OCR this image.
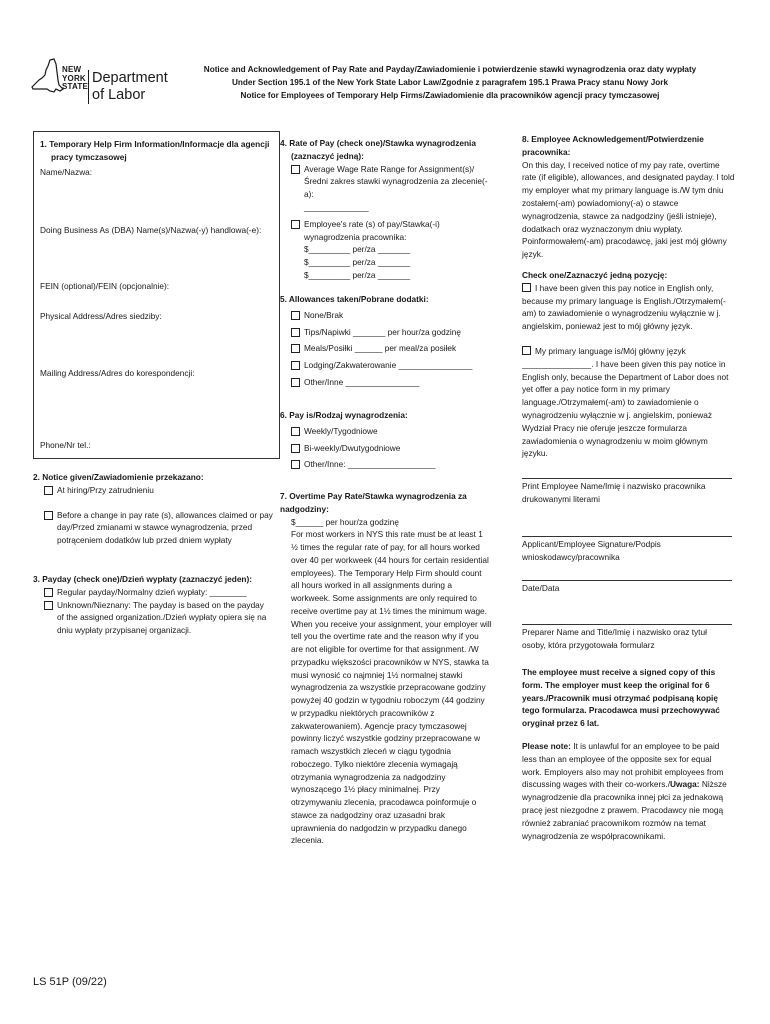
NEW
YORK
STATE
Department
of Labor
Notice and Acknowledgement of Pay Rate and Payday/Zawiadomienie i potwierdzenie stawki wynagrodzenia oraz daty wypłaty
Under Section 195.1 of the New York State Labor Law/Zgodnie z paragrafem 195.1 Prawa Pracy stanu Nowy Jork
Notice for Employees of Temporary Help Firms/Zawiadomienie dla pracowników agencji pracy tymczasowej
1. Temporary Help Firm Information/Informacje dla agencji
pracy tymczasowej
Name/Nazwa:
Doing Business As (DBA) Name(s)/Nazwa(-y) handlowa(-e):
FEIN (optional)/FEIN (opcjonalnie):
Physical Address/Adres siedziby:
Mailing Address/Adres do korespondencji:
Phone/Nr tel.:
2. Notice given/Zawiadomienie przekazano:
At hiring/Przy zatrudnieniu
Before a change in pay rate (s), allowances claimed or pay day/Przed zmianami w stawce wynagrodzenia, przed potrąceniem dodatków lub przed dniem wypłaty
3. Payday (check one)/Dzień wypłaty (zaznaczyć jeden):
Regular payday/Normalny dzień wypłaty: ________
Unknown/Nieznany: The payday is based on the payday of the assigned organization./Dzień wypłaty opiera się na dniu wypłaty przypisanej organizacji.
4. Rate of Pay (check one)/Stawka wynagrodzenia
(zaznaczyć jedną):
Average Wage Rate Range for Assignment(s)/Średni zakres stawki wynagrodzenia za zlecenie(-a):
______________
Employee's rate (s) of pay/Stawka(-i) wynagrodzenia pracownika:
$_________ per/za _______
$_________ per/za _______
$_________ per/za _______
5. Allowances taken/Pobrane dodatki:
None/Brak
Tips/Napiwki _______ per hour/za godzinę
Meals/Posiłki ______ per meal/za posiłek
Lodging/Zakwaterowanie ________________
Other/Inne ________________
6. Pay is/Rodzaj wynagrodzenia:
Weekly/Tygodniowe
Bi-weekly/Dwutygodniowe
Other/Inne: ___________________
7. Overtime Pay Rate/Stawka wynagrodzenia za nadgodziny:
$______ per hour/za godzinę
For most workers in NYS this rate must be at least 1 ½ times the regular rate of pay, for all hours worked over 40 per workweek (44 hours for certain residential employees). The Temporary Help Firm should count all hours worked in all assignments during a workweek. Some assignments are only required to receive overtime pay at 1½ times the minimum wage. When you receive your assignment, your employer will tell you the overtime rate and the reason why if you are not eligible for overtime for that assignment. /W przypadku większości pracowników w NYS, stawka ta musi wynosić co najmniej 1½ normalnej stawki wynagrodzenia za wszystkie przepracowane godziny powyżej 40 godzin w tygodniu roboczym (44 godziny w przypadku niektórych pracowników z zakwaterowaniem). Agencje pracy tymczasowej powinny liczyć wszystkie godziny przepracowane w ramach wszystkich zleceń w ciągu tygodnia roboczego. Tylko niektóre zlecenia wymagają otrzymania wynagrodzenia za nadgodziny wynoszącego 1½ płacy minimalnej. Przy otrzymywaniu zlecenia, pracodawca poinformuje o stawce za nadgodziny oraz uzasadni brak uprawnienia do nadgodzin w przypadku danego zlecenia.
8. Employee Acknowledgement/Potwierdzenie pracownika:
On this day, I received notice of my pay rate, overtime rate (if eligible), allowances, and designated payday. I told my employer what my primary language is./W tym dniu zostałem(-am) powiadomiony(-a) o stawce wynagrodzenia, stawce za nadgodziny (jeśli istnieje), dodatkach oraz wyznaczonym dniu wypłaty. Poinformowałem(-am) pracodawcę, jaki jest mój główny język.
Check one/Zaznaczyć jedną pozycję:
I have been given this pay notice in English only, because my primary language is English./Otrzymałem(-am) to zawiadomienie o wynagrodzeniu wyłącznie w j. angielskim, ponieważ jest to mój główny język.
My primary language is/Mój główny język _______________. I have been given this pay notice in English only, because the Department of Labor does not yet offer a pay notice form in my primary language./Otrzymałem(-am) to zawiadomienie o wynagrodzeniu wyłącznie w j. angielskim, ponieważ Wydział Pracy nie oferuje jeszcze formularza zawiadomienia o wynagrodzeniu w moim głównym języku.
Print Employee Name/Imię i nazwisko pracownika drukowanymi literami
Applicant/Employee Signature/Podpis wnioskodawcy/pracownika
Date/Data
Preparer Name and Title/Imię i nazwisko oraz tytuł osoby, która przygotowała formularz
The employee must receive a signed copy of this form. The employer must keep the original for 6 years./Pracownik musi otrzymać podpisaną kopię tego formularza. Pracodawca musi przechowywać oryginał przez 6 lat.
Please note: It is unlawful for an employee to be paid less than an employee of the opposite sex for equal work. Employers also may not prohibit employees from discussing wages with their co-workers./Uwaga: Niższe wynagrodzenie dla pracownika innej płci za jednakową pracę jest niezgodne z prawem. Pracodawcy nie mogą również zabraniać pracownikom rozmów na temat wynagrodzenia ze współpracownikami.
LS 51P (09/22)
